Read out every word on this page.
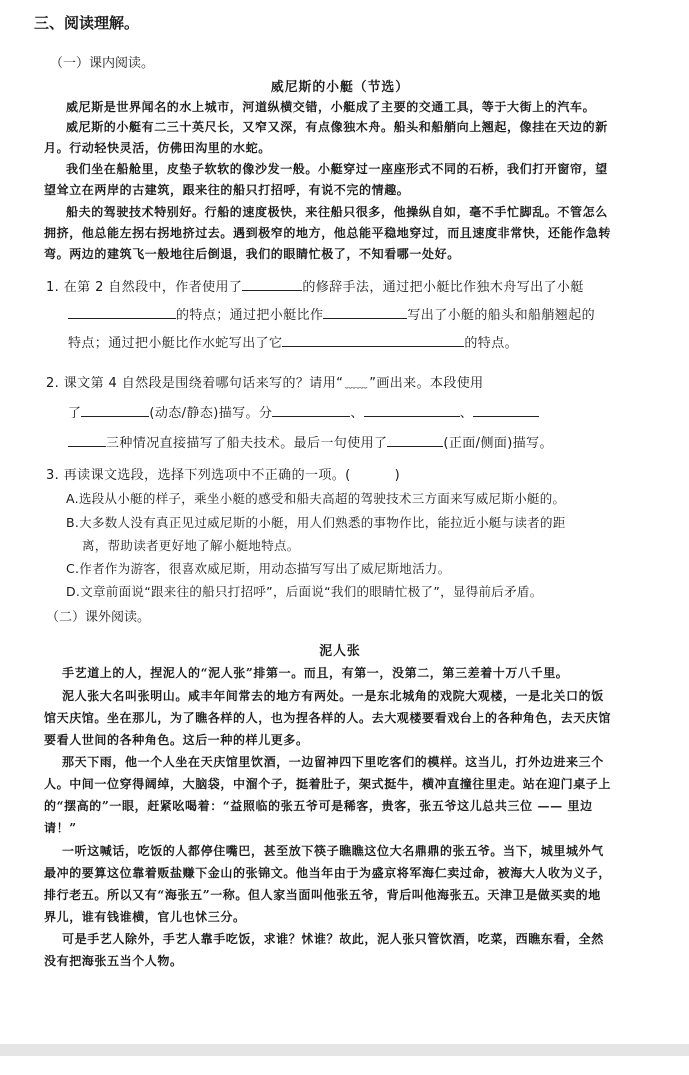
三、阅读理解。
（一）课内阅读。
威尼斯的小艇（节选）
威尼斯是世界闻名的水上城市，河道纵横交错，小艇成了主要的交通工具，等于大街上的汽车。
威尼斯的小艇有二三十英尺长，又窄又深，有点像独木舟。船头和船艄向上翘起，像挂在天边的新
月。行动轻快灵活，仿佛田沟里的水蛇。
我们坐在船舱里，皮垫子软软的像沙发一般。小艇穿过一座座形式不同的石桥，我们打开窗帘，望
望耸立在两岸的古建筑，跟来往的船只打招呼，有说不完的情趣。
船夫的驾驶技术特别好。行船的速度极快，来往船只很多，他操纵自如，毫不手忙脚乱。不管怎么
拥挤，他总能左拐右拐地挤过去。遇到极窄的地方，他总能平稳地穿过，而且速度非常快，还能作急转
弯。两边的建筑飞一般地往后倒退，我们的眼睛忙极了，不知看哪一处好。
1. 在第 2 自然段中，作者使用了	的修辞手法，通过把小艇比作独木舟写出了小艇
的特点；通过把小艇比作	写出了小艇的船头和船艄翘起的
特点；通过把小艇比作水蛇写出了它	的特点。
2. 课文第 4 自然段是围绕着哪句话来写的？请用“ ﹏﹏ ”画出来。本段使用
了	(动态/静态)描写。分	、	、
三种情况直接描写了船夫技术。最后一句使用了	(正面/侧面)描写。
3. 再读课文选段，选择下列选项中不正确的一项。(	)
A.选段从小艇的样子，乘坐小艇的感受和船夫高超的驾驶技术三方面来写威尼斯小艇的。
B.大多数人没有真正见过威尼斯的小艇，用人们熟悉的事物作比，能拉近小艇与读者的距
离，帮助读者更好地了解小艇地特点。
C.作者作为游客，很喜欢威尼斯，用动态描写写出了威尼斯地活力。
D.文章前面说“跟来往的船只打招呼”，后面说“我们的眼睛忙极了”，显得前后矛盾。
（二）课外阅读。
泥人张
手艺道上的人，捏泥人的“泥人张”排第一。而且，有第一，没第二，第三差着十万八千里。
泥人张大名叫张明山。咸丰年间常去的地方有两处。一是东北城角的戏院大观楼，一是北关口的饭
馆天庆馆。坐在那儿，为了瞧各样的人，也为捏各样的人。去大观楼要看戏台上的各种角色，去天庆馆
要看人世间的各种角色。这后一种的样儿更多。
那天下雨，他一个人坐在天庆馆里饮酒，一边留神四下里吃客们的模样。这当儿，打外边进来三个
人。中间一位穿得阔绰，大脑袋，中溜个子，挺着肚子，架式挺牛，横冲直撞往里走。站在迎门桌子上
的“摆高的”一眼，赶紧吆喝着：“益照临的张五爷可是稀客，贵客，张五爷这儿总共三位 —— 里边
请！”
一听这喊话，吃饭的人都停住嘴巴，甚至放下筷子瞧瞧这位大名鼎鼎的张五爷。当下，城里城外气
最冲的要算这位靠着贩盐赚下金山的张锦文。他当年由于为盛京将军海仁卖过命，被海大人收为义子，
排行老五。所以又有“海张五”一称。但人家当面叫他张五爷，背后叫他海张五。天津卫是做买卖的地
界儿，谁有钱谁横，官儿也怵三分。
可是手艺人除外，手艺人靠手吃饭，求谁？怵谁？故此，泥人张只管饮酒，吃菜，西瞧东看，全然
没有把海张五当个人物。
